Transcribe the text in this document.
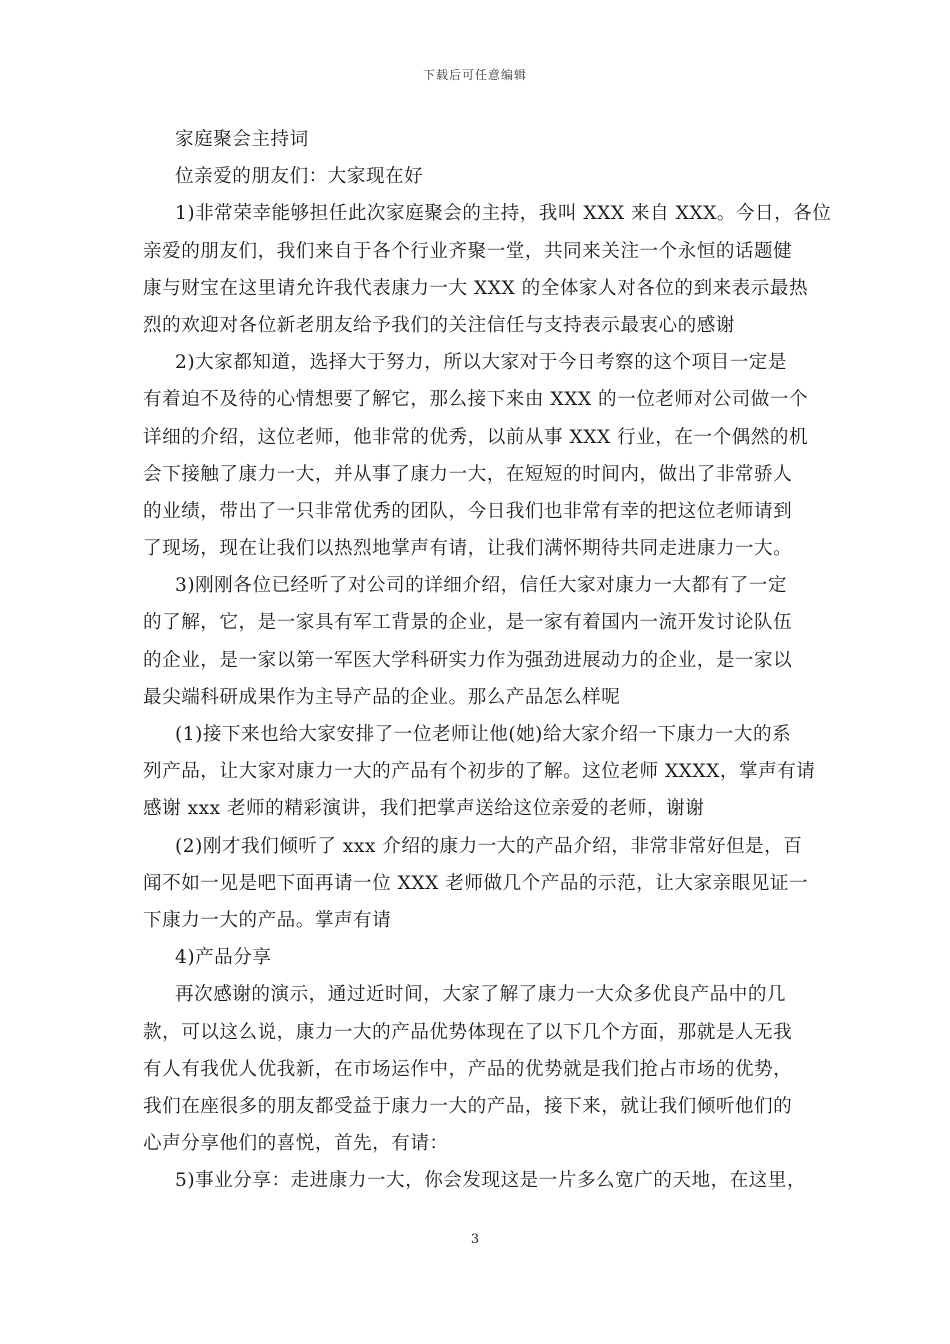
下载后可任意编辑
家庭聚会主持词
位亲爱的朋友们：大家现在好
1)非常荣幸能够担任此次家庭聚会的主持，我叫 XXX 来自 XXX。今日，各位
亲爱的朋友们，我们来自于各个行业齐聚一堂，共同来关注一个永恒的话题健
康与财宝在这里请允许我代表康力一大 XXX 的全体家人对各位的到来表示最热
烈的欢迎对各位新老朋友给予我们的关注信任与支持表示最衷心的感谢
2)大家都知道，选择大于努力，所以大家对于今日考察的这个项目一定是
有着迫不及待的心情想要了解它，那么接下来由 XXX 的一位老师对公司做一个
详细的介绍，这位老师，他非常的优秀，以前从事 XXX 行业，在一个偶然的机
会下接触了康力一大，并从事了康力一大，在短短的时间内，做出了非常骄人
的业绩，带出了一只非常优秀的团队，今日我们也非常有幸的把这位老师请到
了现场，现在让我们以热烈地掌声有请，让我们满怀期待共同走进康力一大。
3)刚刚各位已经听了对公司的详细介绍，信任大家对康力一大都有了一定
的了解，它，是一家具有军工背景的企业，是一家有着国内一流开发讨论队伍
的企业，是一家以第一军医大学科研实力作为强劲进展动力的企业，是一家以
最尖端科研成果作为主导产品的企业。那么产品怎么样呢
(1)接下来也给大家安排了一位老师让他(她)给大家介绍一下康力一大的系
列产品，让大家对康力一大的产品有个初步的了解。这位老师 XXXX，掌声有请
感谢 xxx 老师的精彩演讲，我们把掌声送给这位亲爱的老师，谢谢
(2)刚才我们倾听了 xxx 介绍的康力一大的产品介绍，非常非常好但是，百
闻不如一见是吧下面再请一位 XXX 老师做几个产品的示范，让大家亲眼见证一
下康力一大的产品。掌声有请
4)产品分享
再次感谢的演示，通过近时间，大家了解了康力一大众多优良产品中的几
款，可以这么说，康力一大的产品优势体现在了以下几个方面，那就是人无我
有人有我优人优我新，在市场运作中，产品的优势就是我们抢占市场的优势，
我们在座很多的朋友都受益于康力一大的产品，接下来，就让我们倾听他们的
心声分享他们的喜悦，首先，有请：
5)事业分享：走进康力一大，你会发现这是一片多么宽广的天地，在这里，
3
